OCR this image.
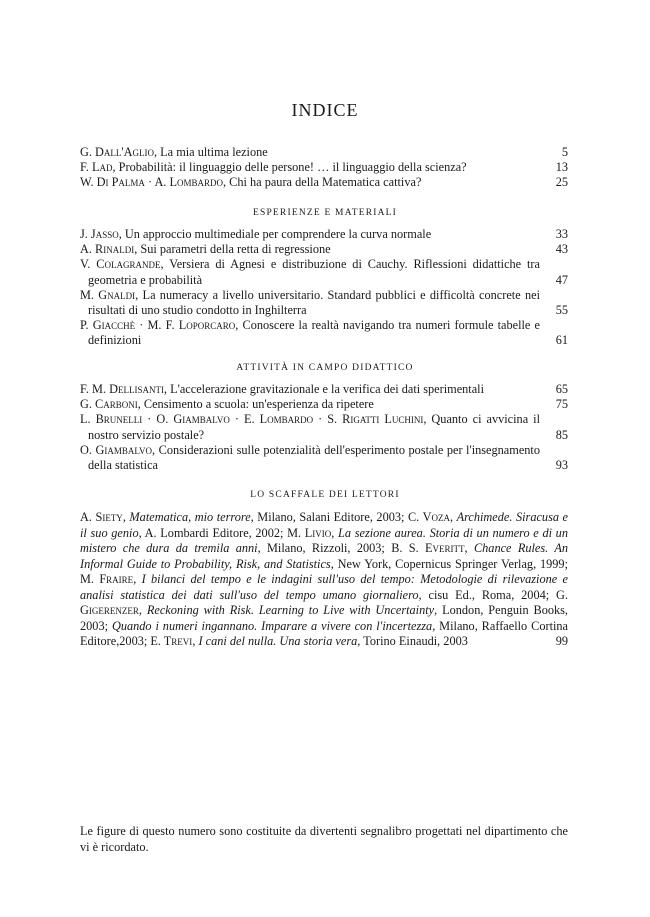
INDICE
G. Dall'Aglio, La mia ultima lezione	5
F. Lad, Probabilità: il linguaggio delle persone! … il linguaggio della scienza?	13
W. Di Palma · A. Lombardo, Chi ha paura della Matematica cattiva?	25
ESPERIENZE E MATERIALI
J. Jasso, Un approccio multimediale per comprendere la curva normale	33
A. Rinaldi, Sui parametri della retta di regressione	43
V. Colagrande, Versiera di Agnesi e distribuzione di Cauchy. Riflessioni didattiche tra geometria e probabilità	47
M. Gnaldi, La numeracy a livello universitario. Standard pubblici e difficoltà concrete nei risultati di uno studio condotto in Inghilterra	55
P. Giacchè · M. F. Loporcaro, Conoscere la realtà navigando tra numeri formule tabelle e definizioni	61
ATTIVITÀ IN CAMPO DIDATTICO
F. M. Dellisanti, L'accelerazione gravitazionale e la verifica dei dati sperimentali	65
G. Carboni, Censimento a scuola: un'esperienza da ripetere	75
L. Brunelli · O. Giambalvo · E. Lombardo · S. Rigatti Luchini, Quanto ci avvicina il nostro servizio postale?	85
O. Giambalvo, Considerazioni sulle potenzialità dell'esperimento postale per l'insegnamento della statistica	93
LO SCAFFALE DEI LETTORI
A. Siety, Matematica, mio terrore, Milano, Salani Editore, 2003; C. Voza, Archimede. Siracusa e il suo genio, A. Lombardi Editore, 2002; M. Livio, La sezione aurea. Storia di un numero e di un mistero che dura da tremila anni, Milano, Rizzoli, 2003; B. S. Everitt, Chance Rules. An Informal Guide to Probability, Risk, and Statistics, New York, Copernicus Springer Verlag, 1999; M. Fraire, I bilanci del tempo e le indagini sull'uso del tempo: Metodologie di rilevazione e analisi statistica dei dati sull'uso del tempo umano giornaliero, cisu Ed., Roma, 2004; G. Gigerenzer, Reckoning with Risk. Learning to Live with Uncertainty, London, Penguin Books, 2003; Quando i numeri ingannano. Imparare a vivere con l'incertezza, Milano, Raffaello Cortina Editore,2003; E. Trevi, I cani del nulla. Una storia vera, Torino Einaudi, 2003	99
Le figure di questo numero sono costituite da divertenti segnalibro progettati nel dipartimento che vi è ricordato.
